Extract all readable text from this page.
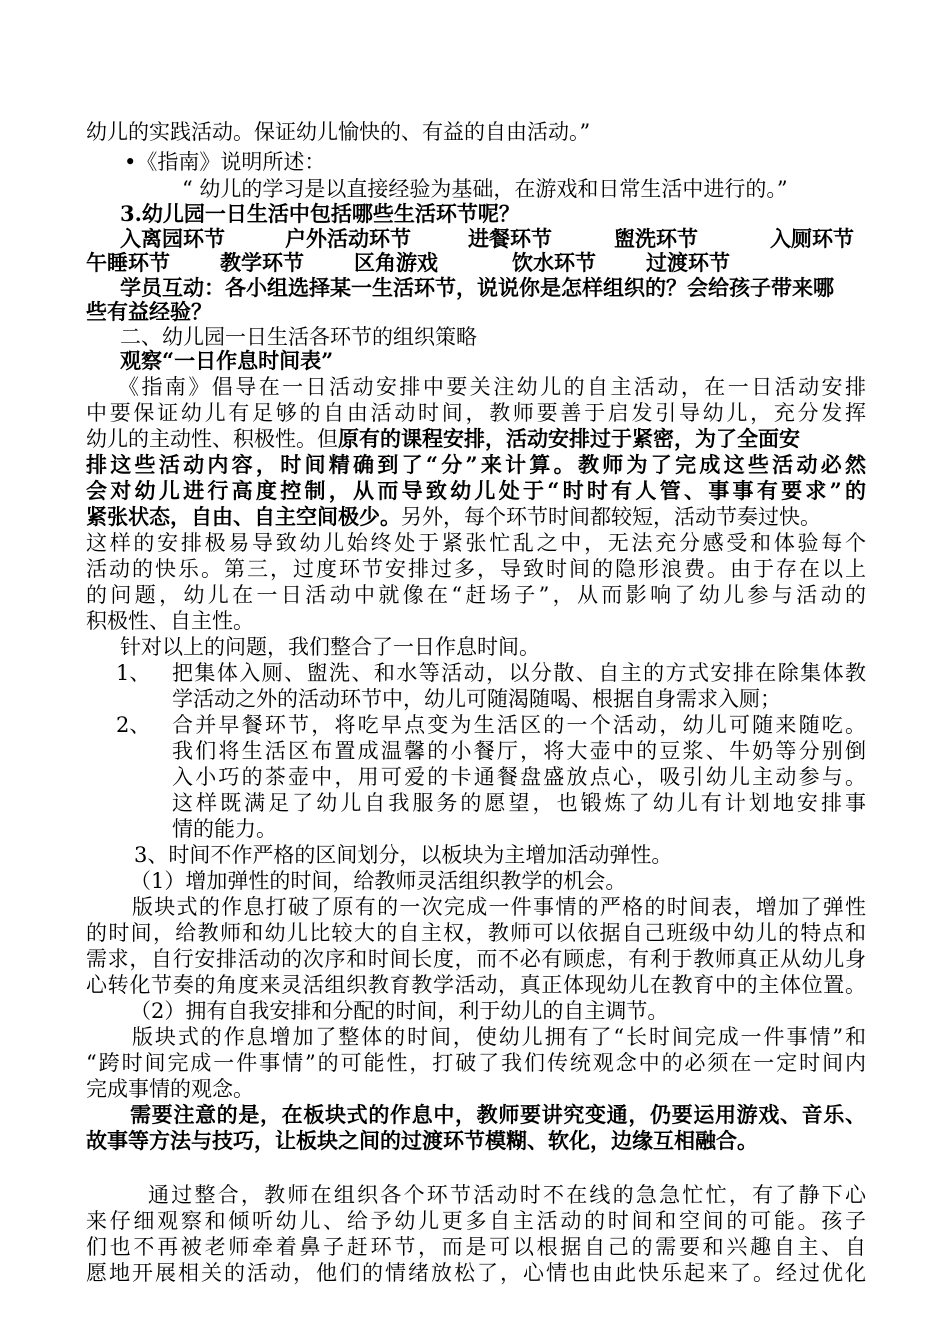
幼儿的实践活动。保证幼儿愉快的、有益的自由活动。”
•《指南》说明所述：
“ 幼儿的学习是以直接经验为基础，在游戏和日常生活中进行的。”
3.幼儿园一日生活中包括哪些生活环节呢？
入离园环节	户外活动环节	进餐环节	盥洗环节	入厕环节
午睡环节 教学环节 区角游戏	饮水环节 过渡环节
学员互动：各小组选择某一生活环节，说说你是怎样组织的？会给孩子带来哪
些有益经验？
二、幼儿园一日生活各环节的组织策略
观察“一日作息时间表”
《指南》倡导在一日活动安排中要关注幼儿的自主活动，在一日活动安排
中要保证幼儿有足够的自由活动时间，教师要善于启发引导幼儿，充分发挥
幼儿的主动性、积极性。但原有的课程安排，活动安排过于紧密，为了全面安
排这些活动内容，时间精确到了“分”来计算。教师为了完成这些活动必然
会对幼儿进行高度控制，从而导致幼儿处于“时时有人管、事事有要求”的
紧张状态，自由、自主空间极少。另外，每个环节时间都较短，活动节奏过快。
这样的安排极易导致幼儿始终处于紧张忙乱之中，无法充分感受和体验每个
活动的快乐。第三，过度环节安排过多，导致时间的隐形浪费。由于存在以上
的问题，幼儿在一日活动中就像在“赶场子”，从而影响了幼儿参与活动的
积极性、自主性。
针对以上的问题，我们整合了一日作息时间。
1、 把集体入厕、盥洗、和水等活动，以分散、自主的方式安排在除集体教
学活动之外的活动环节中，幼儿可随渴随喝、根据自身需求入厕；
2、 合并早餐环节，将吃早点变为生活区的一个活动，幼儿可随来随吃。
我们将生活区布置成温馨的小餐厅，将大壶中的豆浆、牛奶等分别倒
入小巧的茶壶中，用可爱的卡通餐盘盛放点心，吸引幼儿主动参与。
这样既满足了幼儿自我服务的愿望，也锻炼了幼儿有计划地安排事
情的能力。
3、时间不作严格的区间划分，以板块为主增加活动弹性。
（1）增加弹性的时间，给教师灵活组织教学的机会。
版块式的作息打破了原有的一次完成一件事情的严格的时间表，增加了弹性
的时间，给教师和幼儿比较大的自主权，教师可以依据自己班级中幼儿的特点和
需求，自行安排活动的次序和时间长度，而不必有顾虑，有利于教师真正从幼儿身
心转化节奏的角度来灵活组织教育教学活动，真正体现幼儿在教育中的主体位置。
（2）拥有自我安排和分配的时间，利于幼儿的自主调节。
版块式的作息增加了整体的时间，使幼儿拥有了“长时间完成一件事情”和
“跨时间完成一件事情”的可能性，打破了我们传统观念中的必须在一定时间内
完成事情的观念。
需要注意的是，在板块式的作息中，教师要讲究变通，仍要运用游戏、音乐、
故事等方法与技巧，让板块之间的过渡环节模糊、软化，边缘互相融合。
通过整合，教师在组织各个环节活动时不在线的急急忙忙，有了静下心
来仔细观察和倾听幼儿、给予幼儿更多自主活动的时间和空间的可能。孩子
们也不再被老师牵着鼻子赶环节，而是可以根据自己的需要和兴趣自主、自
愿地开展相关的活动，他们的情绪放松了，心情也由此快乐起来了。经过优化
